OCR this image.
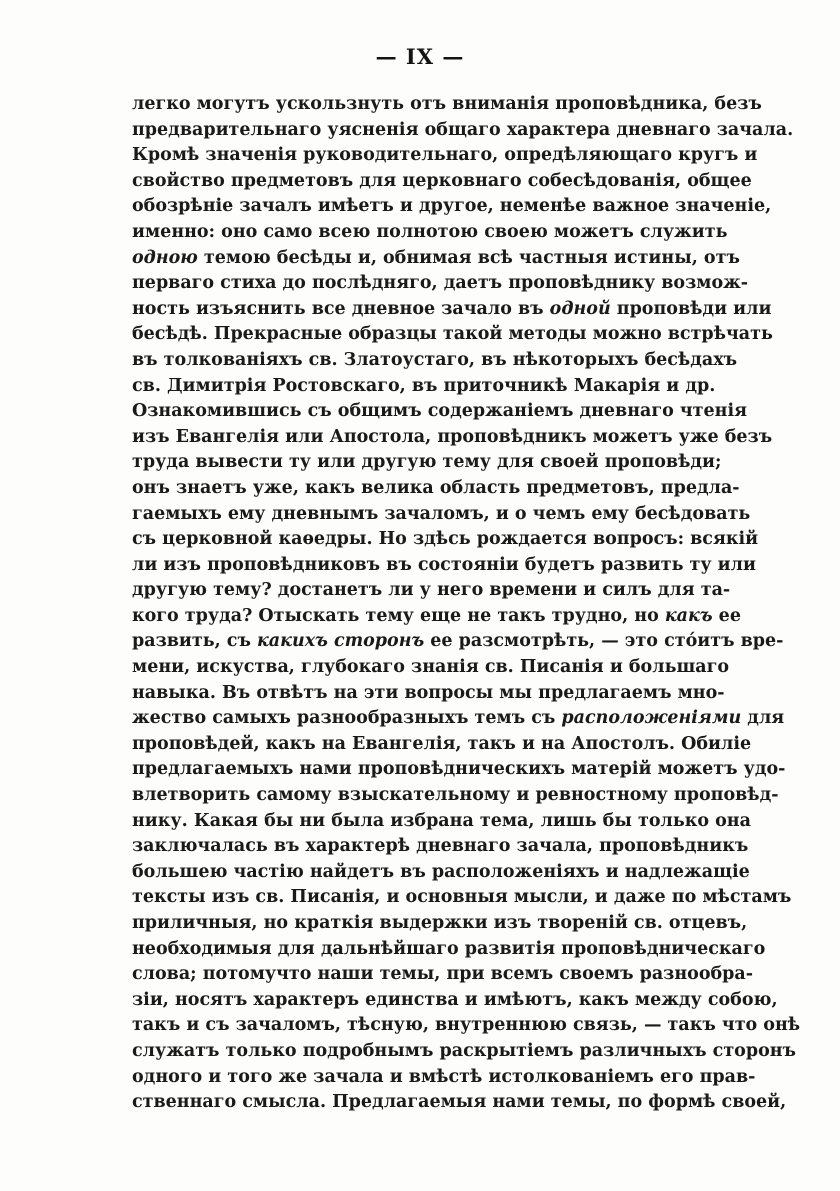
— IX —
легко могутъ ускользнуть отъ вниманія проповѣдника, безъ
предварительнаго уясненія общаго характера дневнаго зачала.
Кромѣ значенія руководительнаго, опредѣляющаго кругъ и
свойство предметовъ для церковнаго собесѣдованія, общее
обозрѣніе зачалъ имѣетъ и другое, неменѣе важное значеніе,
именно: оно само всею полнотою своею можетъ служить
одною темою бесѣды и, обнимая всѣ частныя истины, отъ
перваго стиха до послѣдняго, даетъ проповѣднику возмож-
ность изъяснить все дневное зачало въ одной проповѣди или
бесѣдѣ. Прекрасные образцы такой методы можно встрѣчать
въ толкованіяхъ св. Златоустаго, въ нѣкоторыхъ бесѣдахъ
св. Димитрія Ростовскаго, въ приточникѣ Макарія и др.
Ознакомившись съ общимъ содержаніемъ дневнаго чтенія
изъ Евангелія или Апостола, проповѣдникъ можетъ уже безъ
труда вывести ту или другую тему для своей проповѣди;
онъ знаетъ уже, какъ велика область предметовъ, предла-
гаемыхъ ему дневнымъ зачаломъ, и о чемъ ему бесѣдовать
съ церковной каѳедры. Но здѣсь рождается вопросъ: всякій
ли изъ проповѣдниковъ въ состояніи будетъ развить ту или
другую тему? достанетъ ли у него времени и силъ для та-
кого труда? Отыскать тему еще не такъ трудно, но какъ ее
развить, съ какихъ сторонъ ее разсмотрѣть, — это стóитъ вре-
мени, искуства, глубокаго знанія св. Писанія и большаго
навыка. Въ отвѣтъ на эти вопросы мы предлагаемъ мно-
жество самыхъ разнообразныхъ темъ съ расположеніями для
проповѣдей, какъ на Евангелія, такъ и на Апостолъ. Обиліе
предлагаемыхъ нами проповѣдническихъ матерій можетъ удо-
влетворить самому взыскательному и ревностному проповѣд-
нику. Какая бы ни была избрана тема, лишь бы только она
заключалась въ характерѣ дневнаго зачала, проповѣдникъ
большею частію найдетъ въ расположеніяхъ и надлежащіе
тексты изъ св. Писанія, и основныя мысли, и даже по мѣстамъ
приличныя, но краткія выдержки изъ твореній св. отцевъ,
необходимыя для дальнѣйшаго развитія проповѣдническаго
слова; потомучто наши темы, при всемъ своемъ разнообра-
зіи, носятъ характеръ единства и имѣютъ, какъ между собою,
такъ и съ зачаломъ, тѣсную, внутреннюю связь, — такъ что онѣ
служатъ только подробнымъ раскрытіемъ различныхъ сторонъ
одного и того же зачала и вмѣстѣ истолкованіемъ его прав-
ственнаго смысла. Предлагаемыя нами темы, по формѣ своей,
